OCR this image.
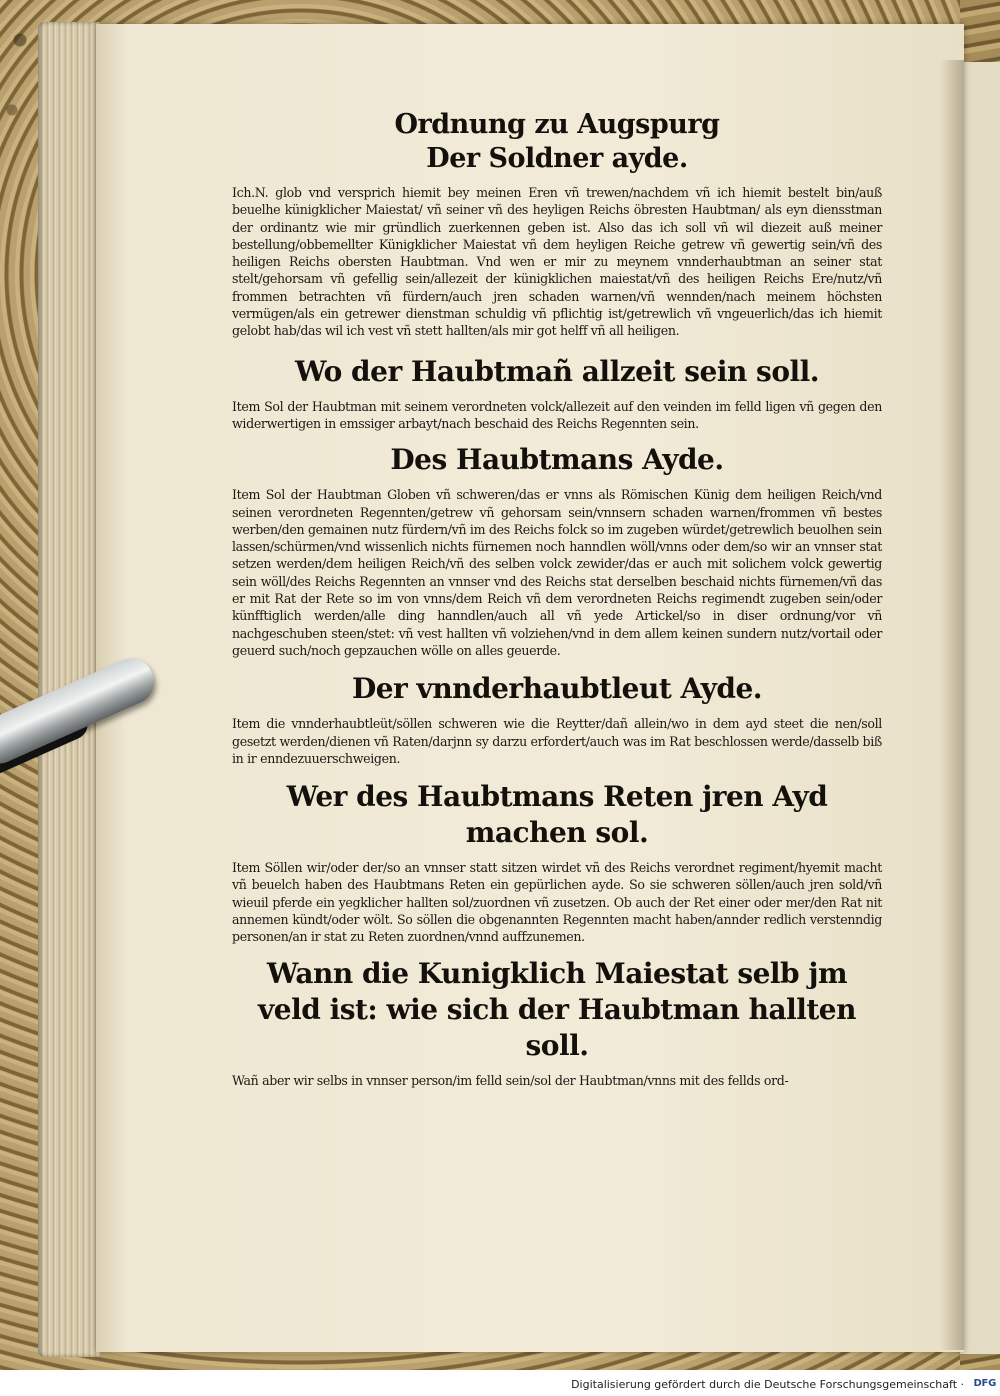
Ordnung zu Augspurg
Der Soldner ayde.

Ich.N. glob vnd versprich hiemit bey meinen Eren vñ trewen/nachdem vñ ich hiemit bestelt bin/auß beuelhe künigklicher Maiestat/ vñ seiner vñ des heyligen Reichs öbresten Haubtman/ als eyn diensstman der ordinantz wie mir gründlich zuerkennen geben ist. Also das ich soll vñ wil diezeit auß meiner bestellung/obbemellter Künigklicher Maiestat vñ dem heyligen Reiche getrew vñ gewertig sein/vñ des heiligen Reichs obersten Haubtman. Vnd wen er mir zu meynem vnnderhaubtman an seiner stat stelt/gehorsam vñ gefellig sein/allezeit der künigklichen maiestat/vñ des heiligen Reichs Ere/nutz/vñ frommen betrachten vñ fürdern/auch jren schaden warnen/vñ wennden/nach meinem höchsten vermügen/als ein getrewer dienstman schuldig vñ pflichtig ist/getrewlich vñ vngeuerlich/das ich hiemit gelobt hab/das wil ich vest vñ stett hallten/als mir got helff vñ all heiligen.

Wo der Haubtmañ allzeit sein soll.

Item Sol der Haubtman mit seinem verordneten volck/allezeit auf den veinden im felld ligen vñ gegen den widerwertigen in emssiger arbayt/nach beschaid des Reichs Regennten sein.

Des Haubtmans Ayde.

Item Sol der Haubtman Globen vñ schweren/das er vnns als Römischen Künig dem heiligen Reich/vnd seinen verordneten Regennten/getrew vñ gehorsam sein/vnnsern schaden warnen/frommen vñ bestes werben/den gemainen nutz fürdern/vñ im des Reichs folck so im zugeben würdet/getrewlich beuolhen sein lassen/schürmen/vnd wissenlich nichts fürnemen noch hanndlen wöll/vnns oder dem/so wir an vnnser stat setzen werden/dem heiligen Reich/vñ des selben volck zewider/das er auch mit solichem volck gewertig sein wöll/des Reichs Regennten an vnnser vnd des Reichs stat derselben beschaid nichts fürnemen/vñ das er mit Rat der Rete so im von vnns/dem Reich vñ dem verordneten Reichs regimendt zugeben sein/oder künfftiglich werden/alle ding hanndlen/auch all vñ yede Artickel/so in diser ordnung/vor vñ nachgeschuben steen/stet: vñ vest hallten vñ volziehen/vnd in dem allem keinen sundern nutz/vortail oder geuerd such/noch gepzauchen wölle on alles geuerde.

Der vnnderhaubtleut Ayde.

Item die vnnderhaubtleüt/söllen schweren wie die Reytter/dañ allein/wo in dem ayd steet die nen/soll gesetzt werden/dienen vñ Raten/darjnn sy darzu erfordert/auch was im Rat beschlossen werde/dasselb biß in ir enndezuuerschweigen.

Wer des Haubtmans Reten jren Ayd machen sol.

Item Söllen wir/oder der/so an vnnser statt sitzen wirdet vñ des Reichs verordnet regiment/hyemit macht vñ beuelch haben des Haubtmans Reten ein gepürlichen ayde. So sie schweren söllen/auch jren sold/vñ wieuil pferde ein yegklicher hallten sol/zuordnen vñ zusetzen. Ob auch der Ret einer oder mer/den Rat nit annemen kündt/oder wölt. So söllen die obgenannten Regennten macht haben/annder redlich verstenndig personen/an ir stat zu Reten zuordnen/vnnd auffzunemen.

Wann die Kunigklich Maiestat selb jm veld ist: wie sich der Haubtman hallten soll.

Wañ aber wir selbs in vnnser person/im felld sein/sol der Haubtman/vnns mit des fellds ord-

Digitalisierung gefördert durch die Deutsche Forschungsgemeinschaft · DFG
